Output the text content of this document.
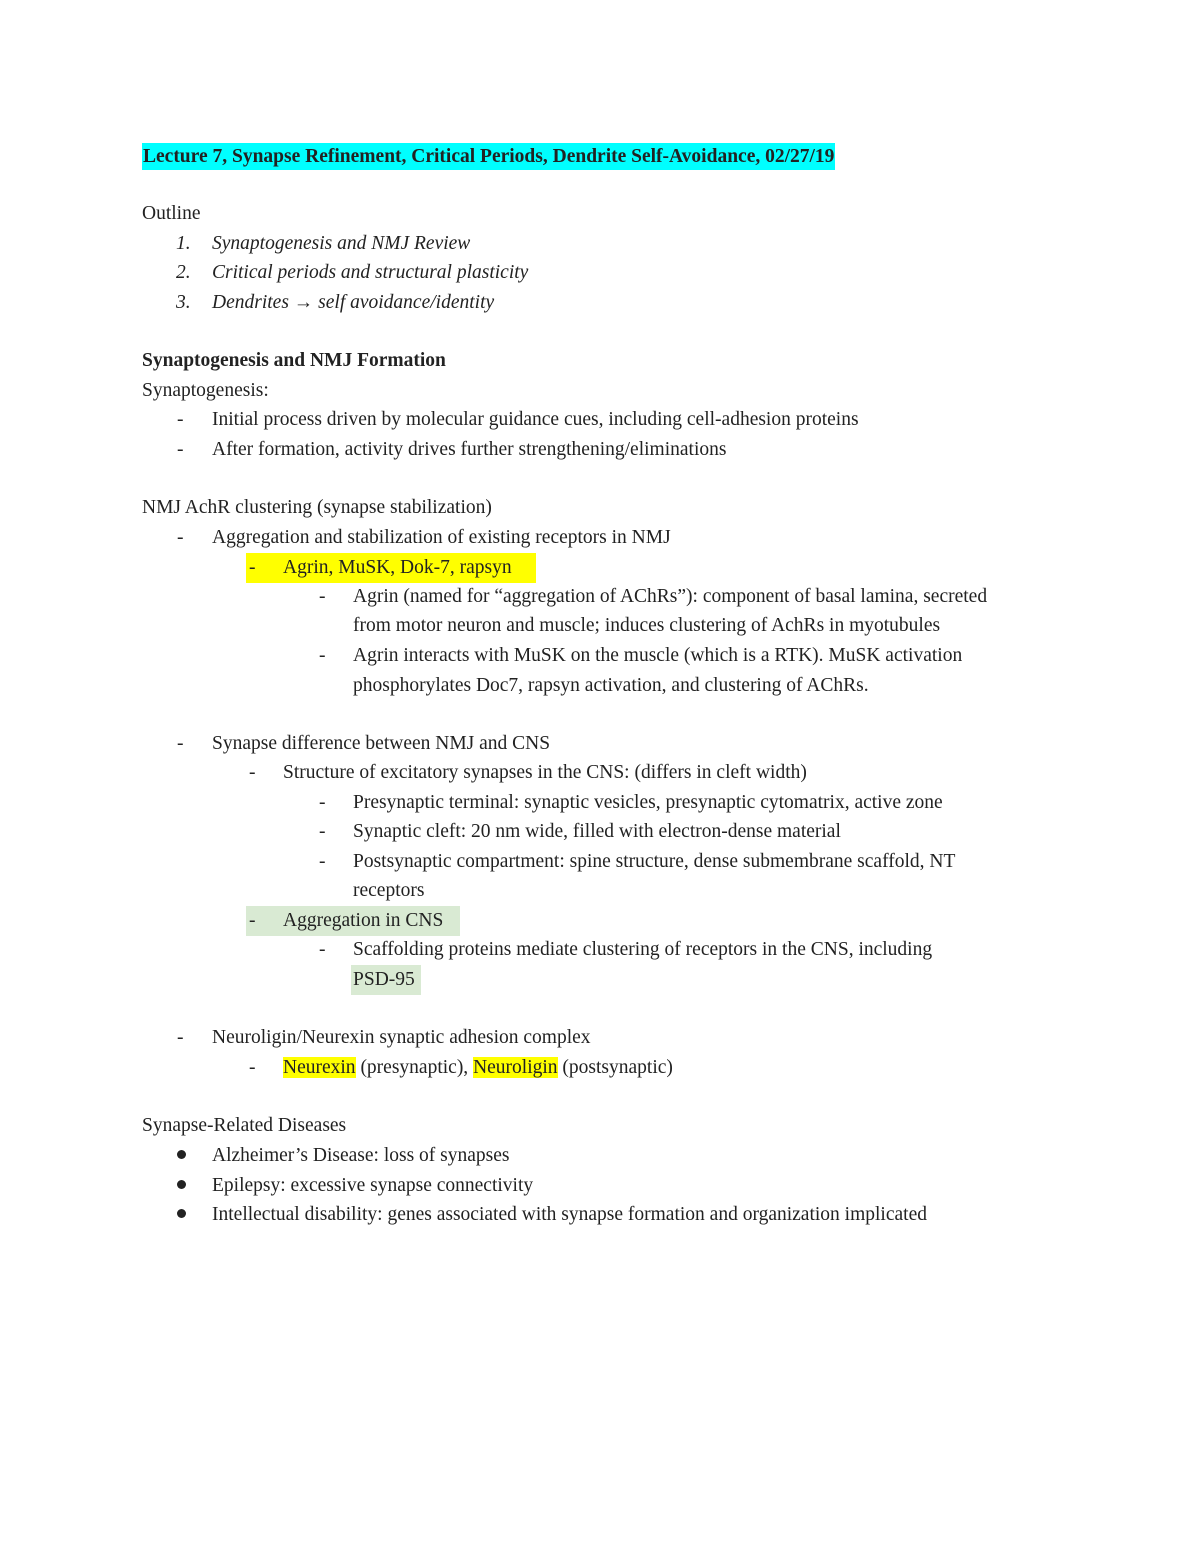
Lecture 7, Synapse Refinement, Critical Periods, Dendrite Self-Avoidance, 02/27/19
Outline
1. Synaptogenesis and NMJ Review
2. Critical periods and structural plasticity
3. Dendrites → self avoidance/identity
Synaptogenesis and NMJ Formation
Synaptogenesis:
- Initial process driven by molecular guidance cues, including cell-adhesion proteins
- After formation, activity drives further strengthening/eliminations
NMJ AchR clustering (synapse stabilization)
- Aggregation and stabilization of existing receptors in NMJ
- Agrin, MuSK, Dok-7, rapsyn
- Agrin (named for “aggregation of AChRs”): component of basal lamina, secreted
from motor neuron and muscle; induces clustering of AchRs in myotubules
- Agrin interacts with MuSK on the muscle (which is a RTK). MuSK activation
phosphorylates Doc7, rapsyn activation, and clustering of AChRs.
- Synapse difference between NMJ and CNS
- Structure of excitatory synapses in the CNS: (differs in cleft width)
- Presynaptic terminal: synaptic vesicles, presynaptic cytomatrix, active zone
- Synaptic cleft: 20 nm wide, filled with electron-dense material
- Postsynaptic compartment: spine structure, dense submembrane scaffold, NT
receptors
- Aggregation in CNS
- Scaffolding proteins mediate clustering of receptors in the CNS, including
PSD-95
- Neuroligin/Neurexin synaptic adhesion complex
- Neurexin (presynaptic), Neuroligin (postsynaptic)
Synapse-Related Diseases
Alzheimer’s Disease: loss of synapses
Epilepsy: excessive synapse connectivity
Intellectual disability: genes associated with synapse formation and organization implicated
